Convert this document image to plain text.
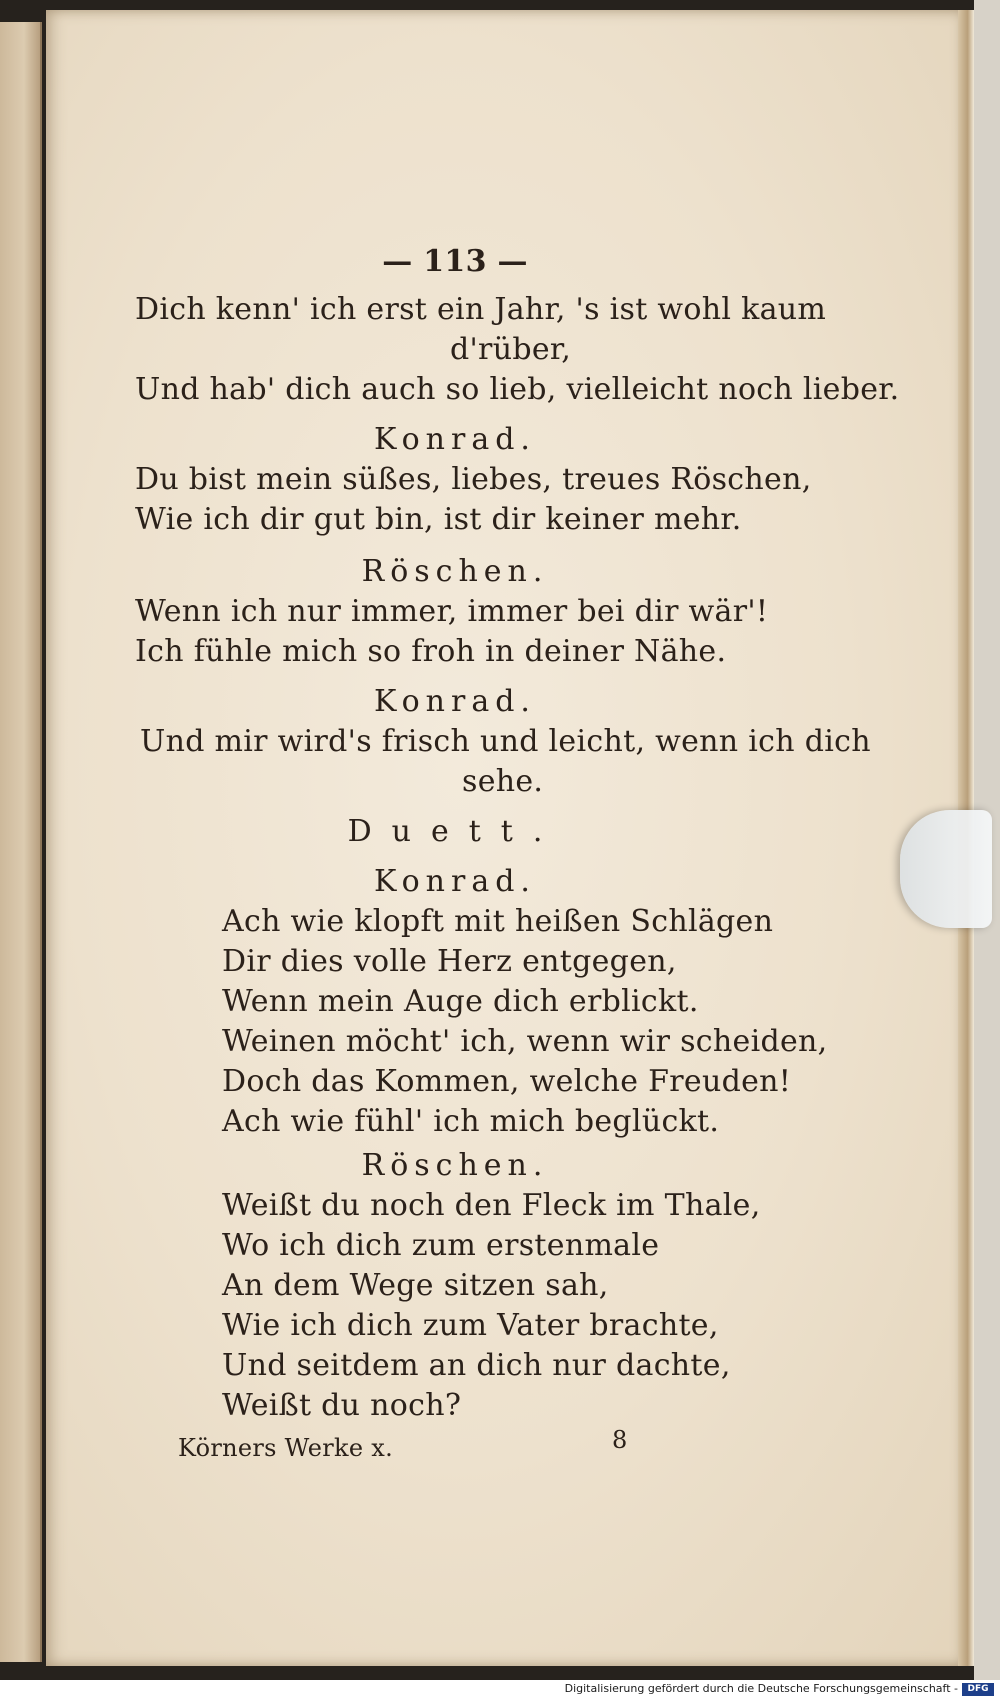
— 113 —
Dich kenn' ich erst ein Jahr, 's ist wohl kaum
d'rüber,
Und hab' dich auch so lieb, vielleicht noch lieber.
Konrad.
Du bist mein süßes, liebes, treues Röschen,
Wie ich dir gut bin, ist dir keiner mehr.
Röschen.
Wenn ich nur immer, immer bei dir wär'!
Ich fühle mich so froh in deiner Nähe.
Konrad.
Und mir wird's frisch und leicht, wenn ich dich
sehe.
Duett.
Konrad.
Ach wie klopft mit heißen Schlägen
Dir dies volle Herz entgegen,
Wenn mein Auge dich erblickt.
Weinen möcht' ich, wenn wir scheiden,
Doch das Kommen, welche Freuden!
Ach wie fühl' ich mich beglückt.
Röschen.
Weißt du noch den Fleck im Thale,
Wo ich dich zum erstenmale
An dem Wege sitzen sah,
Wie ich dich zum Vater brachte,
Und seitdem an dich nur dachte,
Weißt du noch?
Körners Werke x.	8
Digitalisierung gefördert durch die Deutsche Forschungsgemeinschaft -	DFG
